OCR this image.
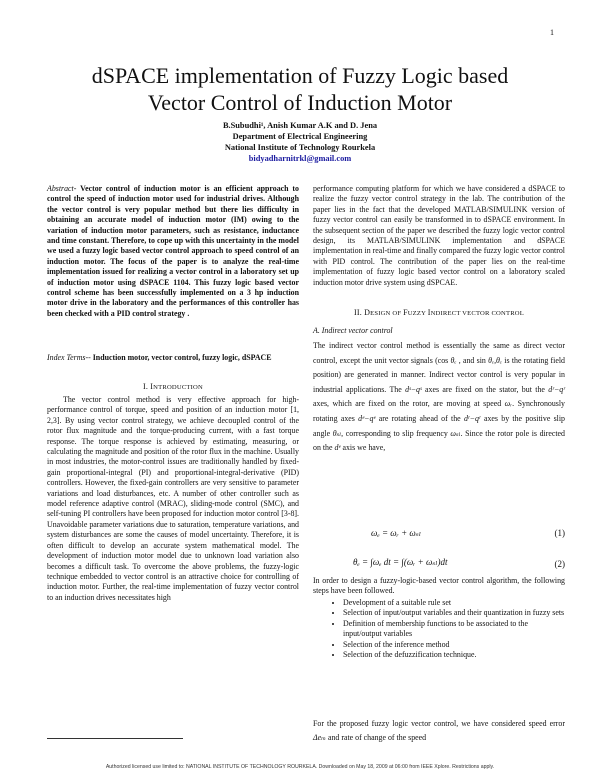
1
dSPACE implementation of Fuzzy Logic based
Vector Control of Induction Motor
B.Subudhi¹, Anish Kumar A.K and D. Jena
Department of Electrical Engineering
National Institute of Technology Rourkela
bidyadharnitrkl@gmail.com
Abstract- Vector control of induction motor is an efficient approach to control the speed of induction motor used for industrial drives. Although the vector control is very popular method but there lies difficulty in obtaining an accurate model of induction motor (IM) owing to the variation of induction motor parameters, such as resistance, inductance and time constant. Therefore, to cope up with this uncertainty in the model we used a fuzzy logic based vector control approach to speed control of an induction motor. The focus of the paper is to analyze the real-time implementation issued for realizing a vector control in a laboratory set up of induction motor using dSPACE 1104. This fuzzy logic based vector control scheme has been successfully implemented on a 3 hp induction motor drive in the laboratory and the performances of this controller has been checked with a PID control strategy .
Index Terms-- Induction motor, vector control, fuzzy logic, dSPACE
I. INTRODUCTION
The vector control method is very effective approach for high-performance control of torque, speed and position of an induction motor [1, 2,3]. By using vector control strategy, we achieve decoupled control of the rotor flux magnitude and the torque-producing current, with a fast torque response. The torque response is achieved by estimating, measuring, or calculating the magnitude and position of the rotor flux in the machine. Usually in most industries, the motor-control issues are traditionally handled by fixed-gain proportional-integral (PI) and proportional-integral-derivative (PID) controllers. However, the fixed-gain controllers are very sensitive to parameter variations and load disturbances, etc. A number of other controller such as model reference adaptive control (MRAC), sliding-mode control (SMC), and self-tuning PI controllers have been proposed for induction motor control [3-8]. Unavoidable parameter variations due to saturation, temperature variations, and system disturbances are some the causes of model uncertainty. Therefore, it is often difficult to develop an accurate system mathematical model. The development of induction motor model due to unknown load variation also becomes a difficult task. To overcome the above problems, the fuzzy-logic technique embedded to vector control is an attractive choice for controlling of induction motor. Further, the real-time implementation of fuzzy vector control to an induction drives necessitates high
performance computing platform for which we have considered a dSPACE to realize the fuzzy vector control strategy in the lab. The contribution of the paper lies in the fact that the developed MATLAB/SIMULINK version of fuzzy vector control can easily be transformed in to dSPACE environment. In the subsequent section of the paper we described the fuzzy logic vector control design, its MATLAB/SIMULINK implementation and dSPACE implementation in real-time and finally compared the fuzzy logic vector control with PID control. The contribution of the paper lies on the real-time implementation of fuzzy logic based vector control on a laboratory scaled induction motor drive system using dSPCAE.
II. DESIGN OF FUZZY INDIRECT VECTOR CONTROL
A. Indirect vector control
The indirect vector control method is essentially the same as direct vector control, except the unit vector signals (cos θₑ , and sin θₑ,θₑ is the rotating field position) are generated in manner. Indirect vector control is very popular in industrial applications. The dˢ−qˢ axes are fixed on the stator, but the dʳ−qʳ axes, which are fixed on the rotor, are moving at speed ωᵣ. Synchronously rotating axes dᵉ−qᵉ are rotating ahead of the dʳ−qʳ axes by the positive slip angle θₛₗ, corresponding to slip frequency ωₛₗ. Since the rotor pole is directed on the dᵉ axis we have,
ωₑ = ωᵣ + ωₛₗ	(1)
θₑ = ∫ωₑ dt = ∫(ωᵣ + ωₛₗ)dt	(2)
In order to design a fuzzy-logic-based vector control algorithm, the following steps have been followed.
• Development of a suitable rule set
• Selection of input/output variables and their quantization in fuzzy sets
• Definition of membership functions to be associated to the input/output variables
• Selection of the inference method
• Selection of the defuzzification technique.
For the proposed fuzzy logic vector control, we have considered speed error Δeₘ and rate of change of the speed
Authorized licensed use limited to: NATIONAL INSTITUTE OF TECHNOLOGY ROURKELA. Downloaded on May 18, 2009 at 06:00 from IEEE Xplore. Restrictions apply.
